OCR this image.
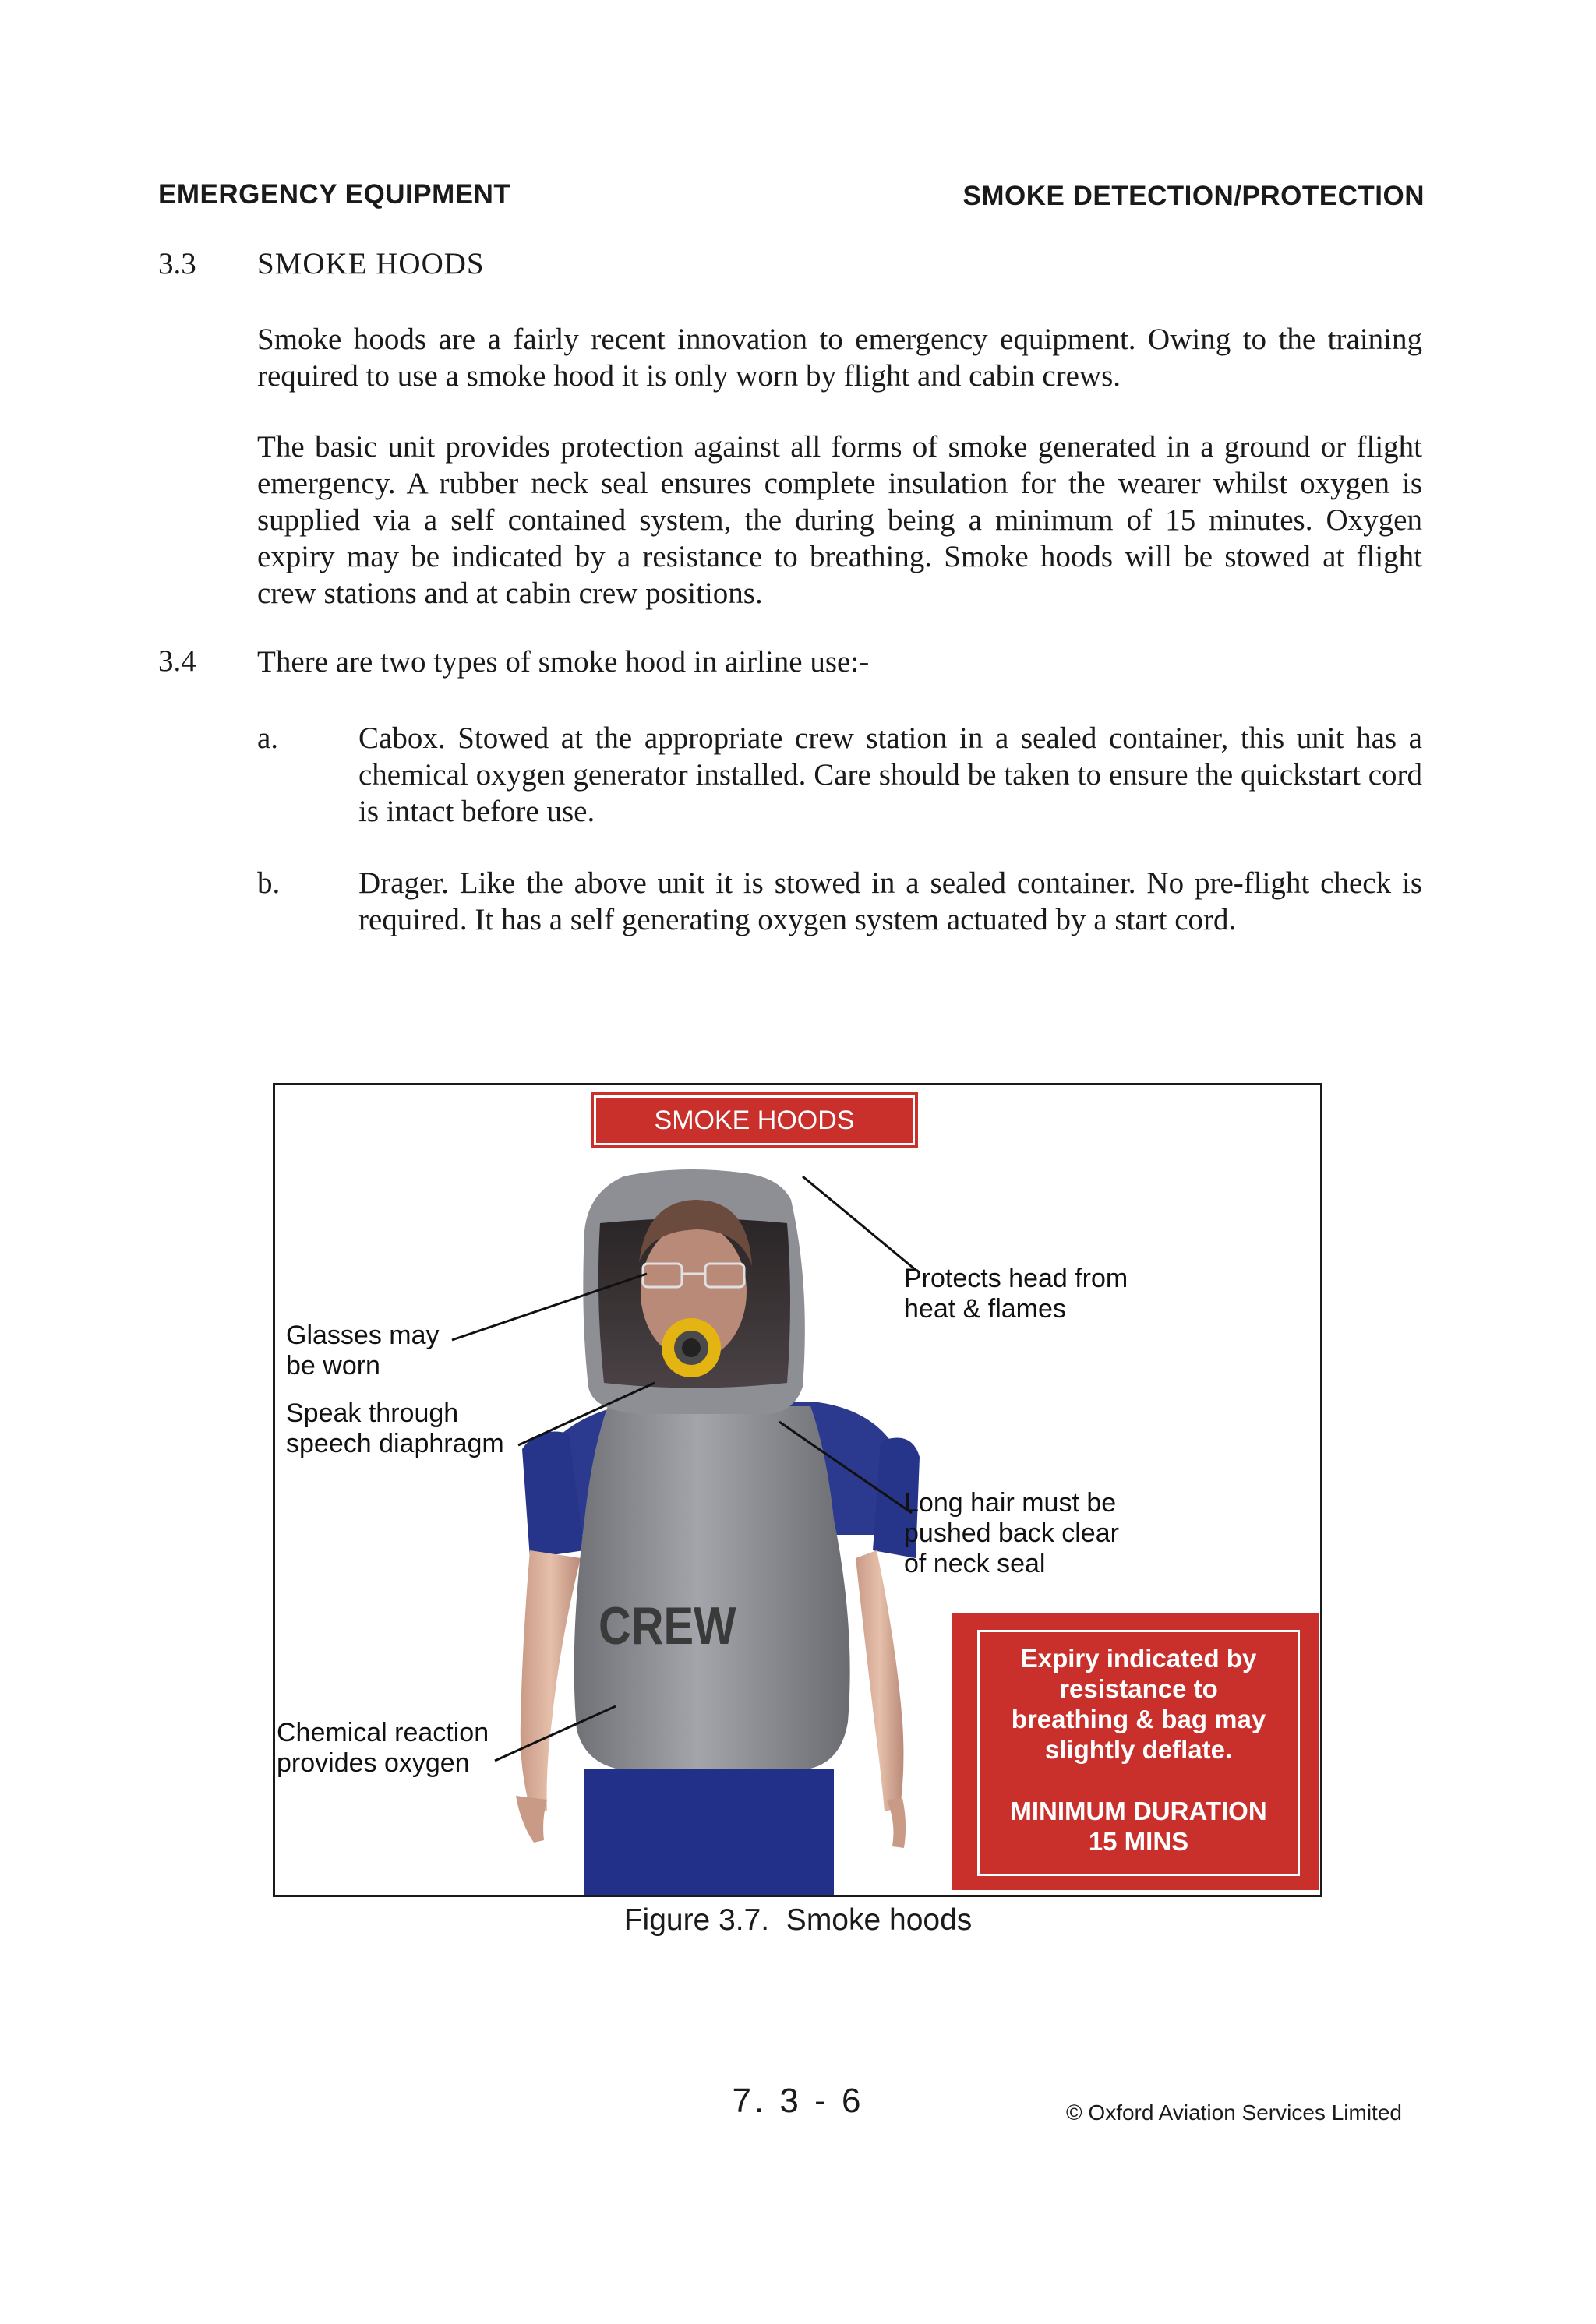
EMERGENCY EQUIPMENT	SMOKE DETECTION/PROTECTION
3.3 SMOKE HOODS
Smoke hoods are a fairly recent innovation to emergency equipment. Owing to the training required to use a smoke hood it is only worn by flight and cabin crews.
The basic unit provides protection against all forms of smoke generated in a ground or flight emergency. A rubber neck seal ensures complete insulation for the wearer whilst oxygen is supplied via a self contained system, the during being a minimum of 15 minutes. Oxygen expiry may be indicated by a resistance to breathing. Smoke hoods will be stowed at flight crew stations and at cabin crew positions.
3.4 There are two types of smoke hood in airline use:-
a.	Cabox. Stowed at the appropriate crew station in a sealed container, this unit has a chemical oxygen generator installed. Care should be taken to ensure the quickstart cord is intact before use.
b.	Drager. Like the above unit it is stowed in a sealed container. No pre-flight check is required. It has a self generating oxygen system actuated by a start cord.
SMOKE HOODS
CREW
Glasses may
be worn
Speak through
speech diaphragm
Chemical reaction
provides oxygen
Protects head from
heat & flames
Long hair must be
pushed back clear
of neck seal
Expiry indicated by
resistance to
breathing & bag may
slightly deflate.
MINIMUM DURATION
15 MINS
Figure 3.7.  Smoke hoods
7. 3 - 6	© Oxford Aviation Services Limited
